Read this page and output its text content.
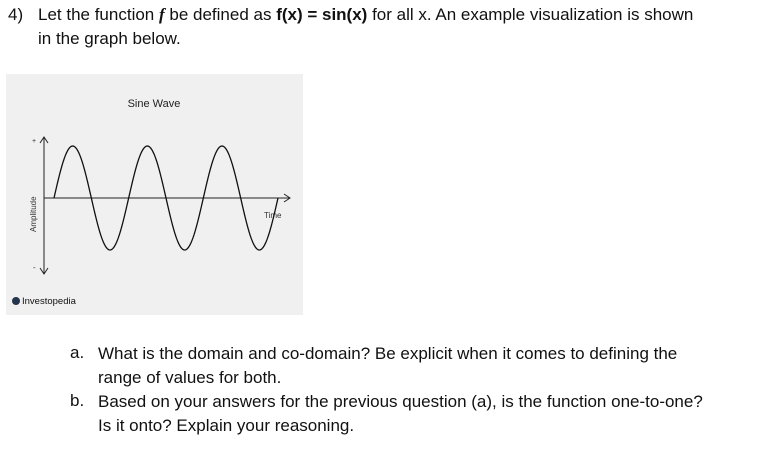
4) Let the function f be defined as f(x) = sin(x) for all x. An example visualization is shown
in the graph below.
Sine Wave
+
-
Amplitude	Time
Investopedia
a. What is the domain and co-domain? Be explicit when it comes to defining the
range of values for both.
b. Based on your answers for the previous question (a), is the function one-to-one?
Is it onto? Explain your reasoning.
